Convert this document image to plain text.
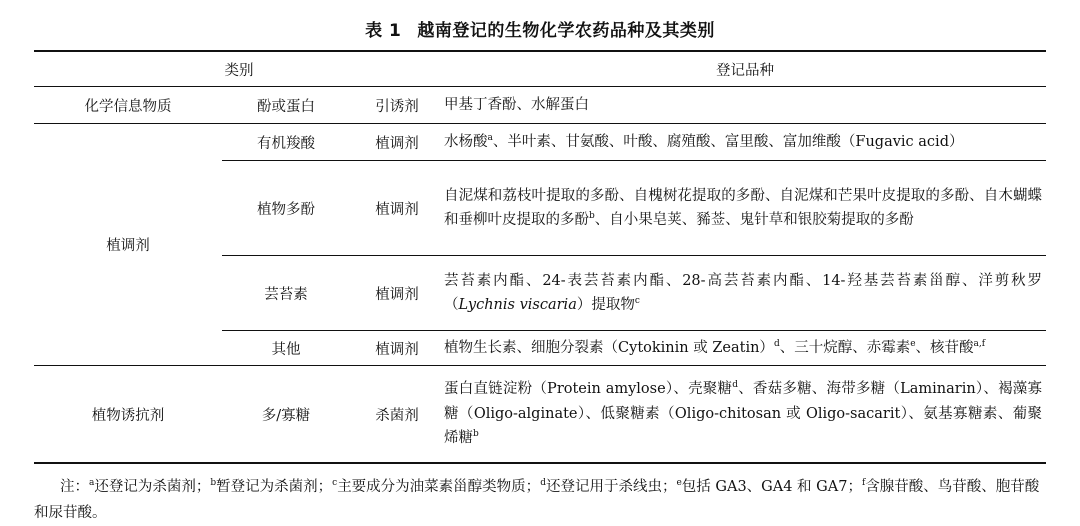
表 1 越南登记的生物化学农药品种及其类别
类别			登记品种
化学信息物质	酚或蛋白	引诱剂	甲基丁香酚、水解蛋白
植调剂	有机羧酸	植调剂	水杨酸$^a$、半叶素、甘氨酸、叶酸、腐殖酸、富里酸、富加维酸（Fugavic acid）
	植物多酚	植调剂	自泥煤和荔枝叶提取的多酚、自槐树花提取的多酚、自泥煤和芒果叶皮提取的多酚、自木蝴蝶和垂柳叶皮提取的多酚$^b$、自小果皂荚、豨莶、鬼针草和银胶菊提取的多酚
	芸苔素	植调剂	芸苔素内酯、24-表芸苔素内酯、28-高芸苔素内酯、14-羟基芸苔素甾醇、洋剪秋罗（Lychnis viscaria）提取物$^c$
	其他	植调剂	植物生长素、细胞分裂素（Cytokinin 或 Zeatin）$^d$、三十烷醇、赤霉素$^e$、核苷酸$^{a,f}$
植物诱抗剂	多/寡糖	杀菌剂	蛋白直链淀粉（Protein amylose）、壳聚糖$^d$、香菇多糖、海带多糖（Laminarin）、褐藻寡糖（Oligo-alginate）、低聚糖素（Oligo-chitosan 或 Oligo-sacarit）、氨基寡糖素、葡聚烯糖$^b$
注：$^a$还登记为杀菌剂；$^b$暂登记为杀菌剂；$^c$主要成分为油菜素甾醇类物质；$^d$还登记用于杀线虫；$^e$包括 GA3、GA4 和 GA7；$^f$含腺苷酸、鸟苷酸、胞苷酸和尿苷酸。
